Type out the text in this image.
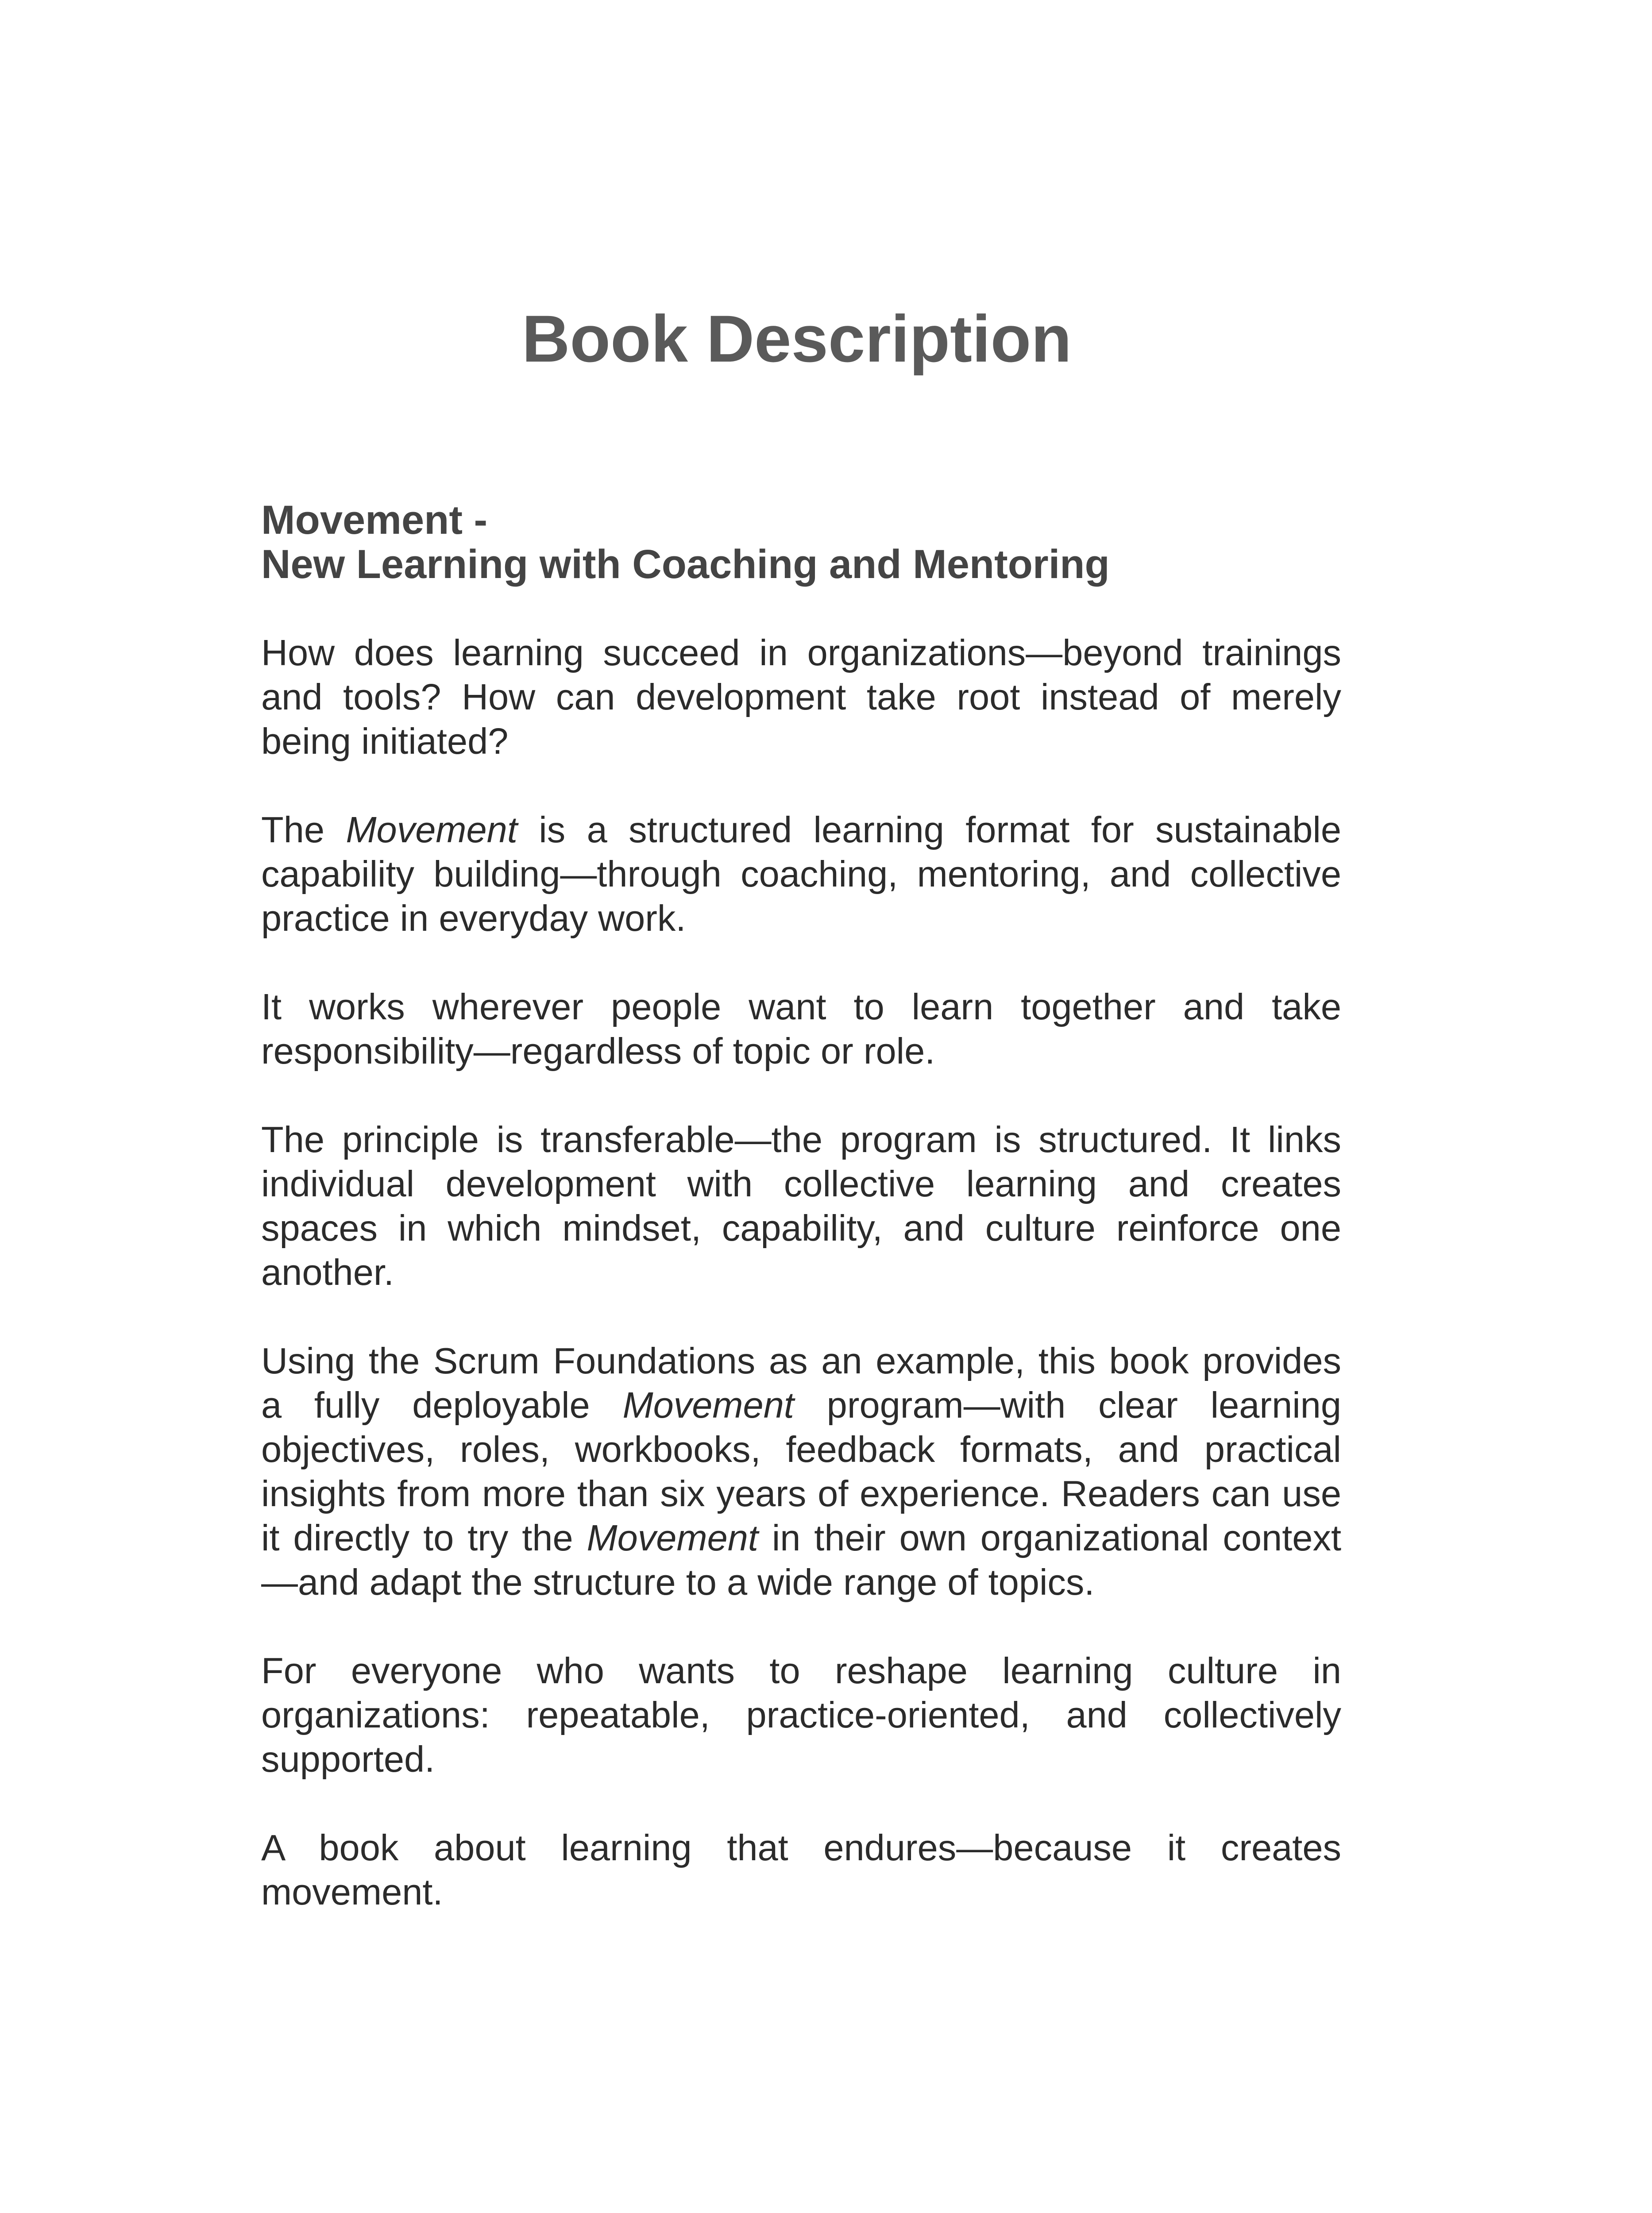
Book Description
Movement -
New Learning with Coaching and Mentoring

How does learning succeed in organizations—beyond trainings and tools? How can development take root instead of merely being initiated?

The Movement is a structured learning format for sustainable capability building—through coaching, mentoring, and collective practice in everyday work.

It works wherever people want to learn together and take responsibility—regardless of topic or role.

The principle is transferable—the program is structured. It links individual development with collective learning and creates spaces in which mindset, capability, and culture reinforce one another.

Using the Scrum Foundations as an example, this book provides a fully deployable Movement program—with clear learning objectives, roles, workbooks, feedback formats, and practical insights from more than six years of experience. Readers can use it directly to try the Movement in their own organizational context—and adapt the structure to a wide range of topics.

For everyone who wants to reshape learning culture in organizations: repeatable, practice-oriented, and collectively supported.

A book about learning that endures—because it creates movement.
